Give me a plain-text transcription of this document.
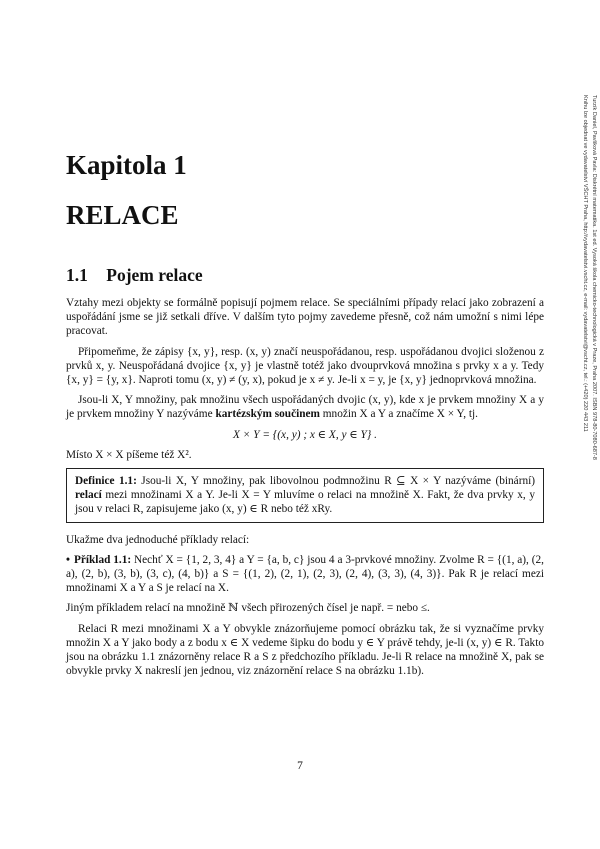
Turzík Daniel, Pavlíková Pavla: Diskrétní matematika. 1st ed. Vysoká škola chemicko-technologická v Praze, Praha 2007. ISBN 978-80-7080-687-8
Knihu lze objednat ve vydavatelství VŠCHT Praha, http://vydavatelstvi.vscht.cz, e-mail: vydavatelstvi@vscht.cz, tel.: (+420) 220 443 211
Kapitola 1
RELACE
1.1 Pojem relace

Vztahy mezi objekty se formálně popisují pojmem relace. Se speciálními případy relací jako zobrazení a uspořádání jsme se již setkali dříve. V dalším tyto pojmy zavedeme přesně, což nám umožní s nimi lépe pracovat.

Připomeňme, že zápisy {x, y}, resp. (x, y) značí neuspořádanou, resp. uspořádanou dvojici složenou z prvků x, y. Neuspořádaná dvojice {x, y} je vlastně totéž jako dvouprvková množina s prvky x a y. Tedy {x, y} = {y, x}. Naproti tomu (x, y) ≠ (y, x), pokud je x ≠ y. Je-li x = y, je {x, y} jednoprvková množina.

Jsou-li X, Y množiny, pak množinu všech uspořádaných dvojic (x, y), kde x je prvkem množiny X a y je prvkem množiny Y nazýváme kartézským součinem množin X a Y a značíme X × Y, tj.

X × Y = {(x, y) ; x ∈ X, y ∈ Y} .

Místo X × X píšeme též X².

Definice 1.1: Jsou-li X, Y množiny, pak libovolnou podmnožinu R ⊆ X × Y nazýváme (binární) relací mezi množinami X a Y. Je-li X = Y mluvíme o relaci na množině X. Fakt, že dva prvky x, y jsou v relaci R, zapisujeme jako (x, y) ∈ R nebo též xRy.

Ukažme dva jednoduché příklady relací:

• Příklad 1.1: Nechť X = {1, 2, 3, 4} a Y = {a, b, c} jsou 4 a 3-prvkové množiny. Zvolme R = {(1, a), (2, a), (2, b), (3, b), (3, c), (4, b)} a S = {(1, 2), (2, 1), (2, 3), (2, 4), (3, 3), (4, 3)}. Pak R je relací mezi množinami X a Y a S je relací na X.

Jiným příkladem relací na množině ℕ všech přirozených čísel je např. = nebo ≤.

Relaci R mezi množinami X a Y obvykle znázorňujeme pomocí obrázku tak, že si vyznačíme prvky množin X a Y jako body a z bodu x ∈ X vedeme šipku do bodu y ∈ Y právě tehdy, je-li (x, y) ∈ R. Takto jsou na obrázku 1.1 znázorněny relace R a S z předchozího příkladu. Je-li R relace na množině X, pak se obvykle prvky X nakreslí jen jednou, viz znázornění relace S na obrázku 1.1b).

7
